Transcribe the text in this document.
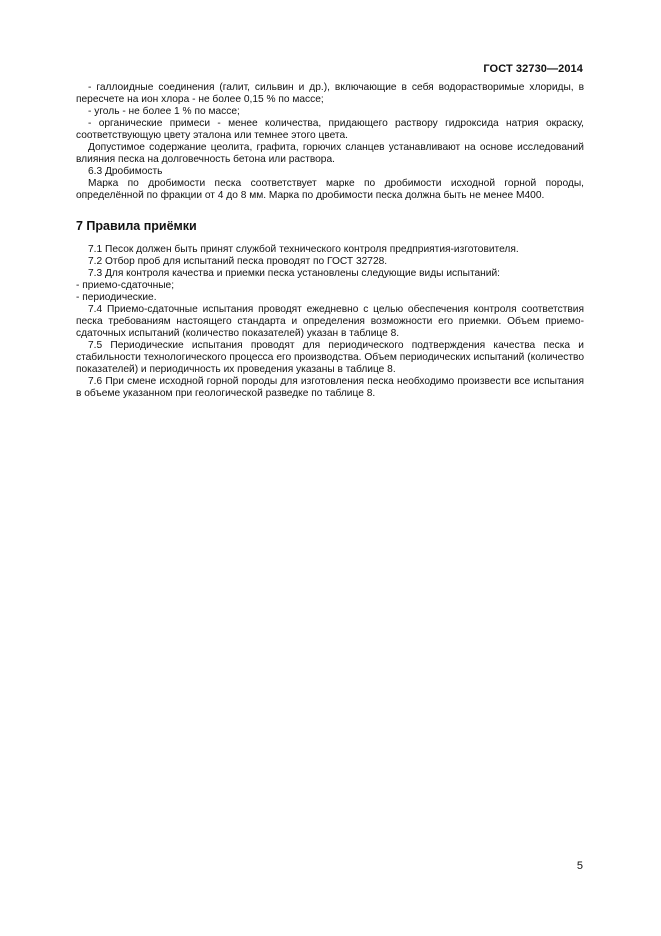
ГОСТ 32730—2014

- галлоидные соединения (галит, сильвин и др.), включающие в себя водорастворимые хлориды, в пересчете на ион хлора - не более 0,15 % по массе;

- уголь - не более 1 % по массе;

- органические примеси - менее количества, придающего раствору гидроксида натрия окраску, соответствующую цвету эталона или темнее этого цвета.

Допустимое содержание цеолита, графита, горючих сланцев устанавливают на основе исследований влияния песка на долговечность бетона или раствора.

6.3 Дробимость

Марка по дробимости песка соответствует марке по дробимости исходной горной породы, определённой по фракции от 4 до 8 мм. Марка по дробимости песка должна быть не менее М400.

7 Правила приёмки

7.1 Песок должен быть принят службой технического контроля предприятия-изготовителя.

7.2 Отбор проб для испытаний песка проводят по ГОСТ 32728.

7.3 Для контроля качества и приемки песка установлены следующие виды испытаний:

- приемо-сдаточные;

- периодические.

7.4 Приемо-сдаточные испытания проводят ежедневно с целью обеспечения контроля соответствия песка требованиям настоящего стандарта и определения возможности его приемки. Объем приемо-сдаточных испытаний (количество показателей) указан в таблице 8.

7.5 Периодические испытания проводят для периодического подтверждения качества песка и стабильности технологического процесса его производства. Объем периодических испытаний (количество показателей) и периодичность их проведения указаны в таблице 8.

7.6 При смене исходной горной породы для изготовления песка необходимо произвести все испытания в объеме указанном при геологической разведке по таблице 8.

5
